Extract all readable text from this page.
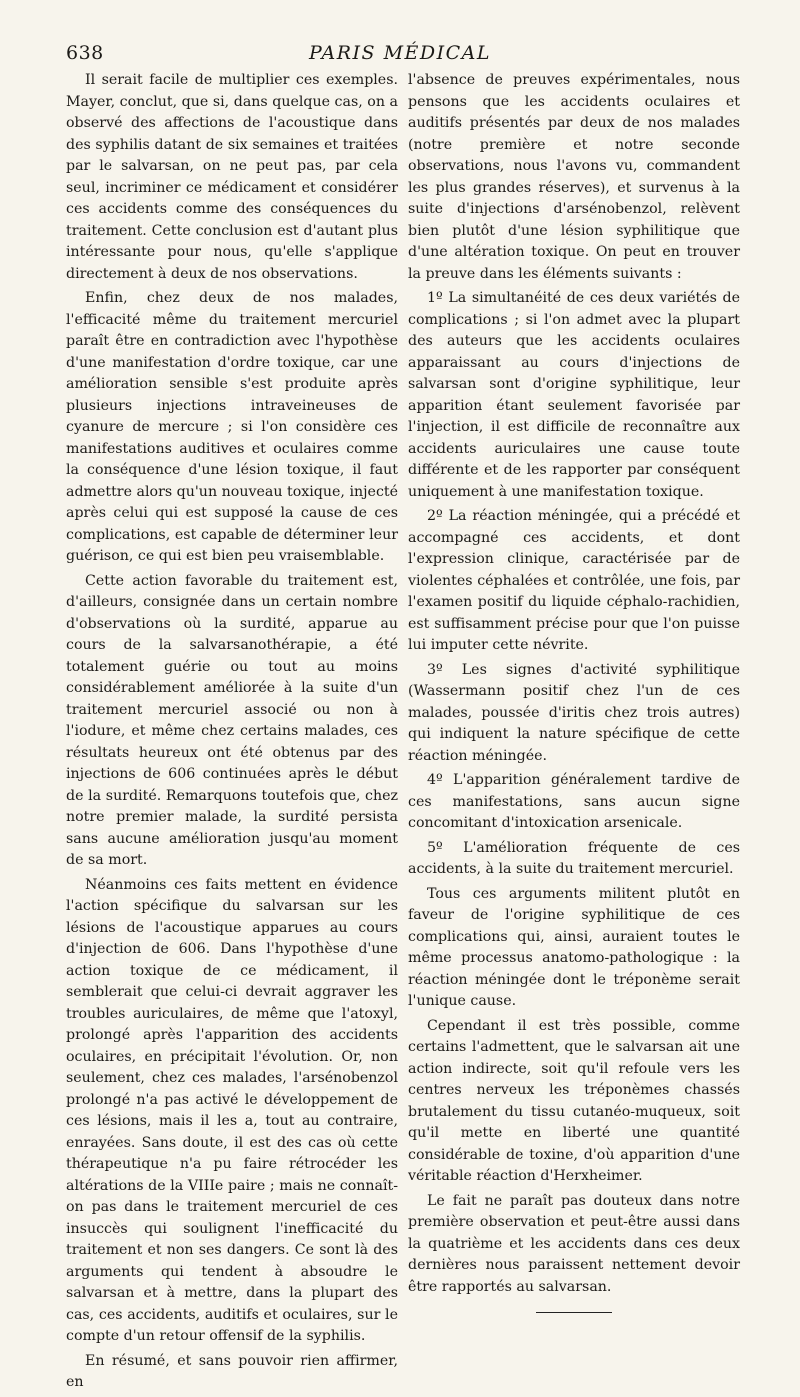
638	PARIS MÉDICAL

Il serait facile de multiplier ces exemples. Mayer, conclut, que si, dans quelque cas, on a observé des affections de l'acoustique dans des syphilis datant de six semaines et traitées par le salvarsan, on ne peut pas, par cela seul, incriminer ce médicament et considérer ces accidents comme des conséquences du traitement. Cette conclusion est d'autant plus intéressante pour nous, qu'elle s'applique directement à deux de nos observations.

Enfin, chez deux de nos malades, l'efficacité même du traitement mercuriel paraît être en contradiction avec l'hypothèse d'une manifestation d'ordre toxique, car une amélioration sensible s'est produite après plusieurs injections intraveineuses de cyanure de mercure ; si l'on considère ces manifestations auditives et oculaires comme la conséquence d'une lésion toxique, il faut admettre alors qu'un nouveau toxique, injecté après celui qui est supposé la cause de ces complications, est capable de déterminer leur guérison, ce qui est bien peu vraisemblable.

Cette action favorable du traitement est, d'ailleurs, consignée dans un certain nombre d'observations où la surdité, apparue au cours de la salvarsanothérapie, a été totalement guérie ou tout au moins considérablement améliorée à la suite d'un traitement mercuriel associé ou non à l'iodure, et même chez certains malades, ces résultats heureux ont été obtenus par des injections de 606 continuées après le début de la surdité. Remarquons toutefois que, chez notre premier malade, la surdité persista sans aucune amélioration jusqu'au moment de sa mort.

Néanmoins ces faits mettent en évidence l'action spécifique du salvarsan sur les lésions de l'acoustique apparues au cours d'injection de 606. Dans l'hypothèse d'une action toxique de ce médicament, il semblerait que celui-ci devrait aggraver les troubles auriculaires, de même que l'atoxyl, prolongé après l'apparition des accidents oculaires, en précipitait l'évolution. Or, non seulement, chez ces malades, l'arsénobenzol prolongé n'a pas activé le développement de ces lésions, mais il les a, tout au contraire, enrayées. Sans doute, il est des cas où cette thérapeutique n'a pu faire rétrocéder les altérations de la VIIIe paire ; mais ne connaît-on pas dans le traitement mercuriel de ces insuccès qui soulignent l'inefficacité du traitement et non ses dangers. Ce sont là des arguments qui tendent à absoudre le salvarsan et à mettre, dans la plupart des cas, ces accidents, auditifs et oculaires, sur le compte d'un retour offensif de la syphilis.

En résumé, et sans pouvoir rien affirmer, en

l'absence de preuves expérimentales, nous pensons que les accidents oculaires et auditifs présentés par deux de nos malades (notre première et notre seconde observations, nous l'avons vu, commandent les plus grandes réserves), et survenus à la suite d'injections d'arsénobenzol, relèvent bien plutôt d'une lésion syphilitique que d'une altération toxique. On peut en trouver la preuve dans les éléments suivants :

1º La simultanéité de ces deux variétés de complications ; si l'on admet avec la plupart des auteurs que les accidents oculaires apparaissant au cours d'injections de salvarsan sont d'origine syphilitique, leur apparition étant seulement favorisée par l'injection, il est difficile de reconnaître aux accidents auriculaires une cause toute différente et de les rapporter par conséquent uniquement à une manifestation toxique.

2º La réaction méningée, qui a précédé et accompagné ces accidents, et dont l'expression clinique, caractérisée par de violentes céphalées et contrôlée, une fois, par l'examen positif du liquide céphalo-rachidien, est suffisamment précise pour que l'on puisse lui imputer cette névrite.

3º Les signes d'activité syphilitique (Wassermann positif chez l'un de ces malades, poussée d'iritis chez trois autres) qui indiquent la nature spécifique de cette réaction méningée.

4º L'apparition généralement tardive de ces manifestations, sans aucun signe concomitant d'intoxication arsenicale.

5º L'amélioration fréquente de ces accidents, à la suite du traitement mercuriel.

Tous ces arguments militent plutôt en faveur de l'origine syphilitique de ces complications qui, ainsi, auraient toutes le même processus anatomo-pathologique : la réaction méningée dont le tréponème serait l'unique cause.

Cependant il est très possible, comme certains l'admettent, que le salvarsan ait une action indirecte, soit qu'il refoule vers les centres nerveux les tréponèmes chassés brutalement du tissu cutanéo-muqueux, soit qu'il mette en liberté une quantité considérable de toxine, d'où apparition d'une véritable réaction d'Herxheimer.

Le fait ne paraît pas douteux dans notre première observation et peut-être aussi dans la quatrième et les accidents dans ces deux dernières nous paraissent nettement devoir être rapportés au salvarsan.
